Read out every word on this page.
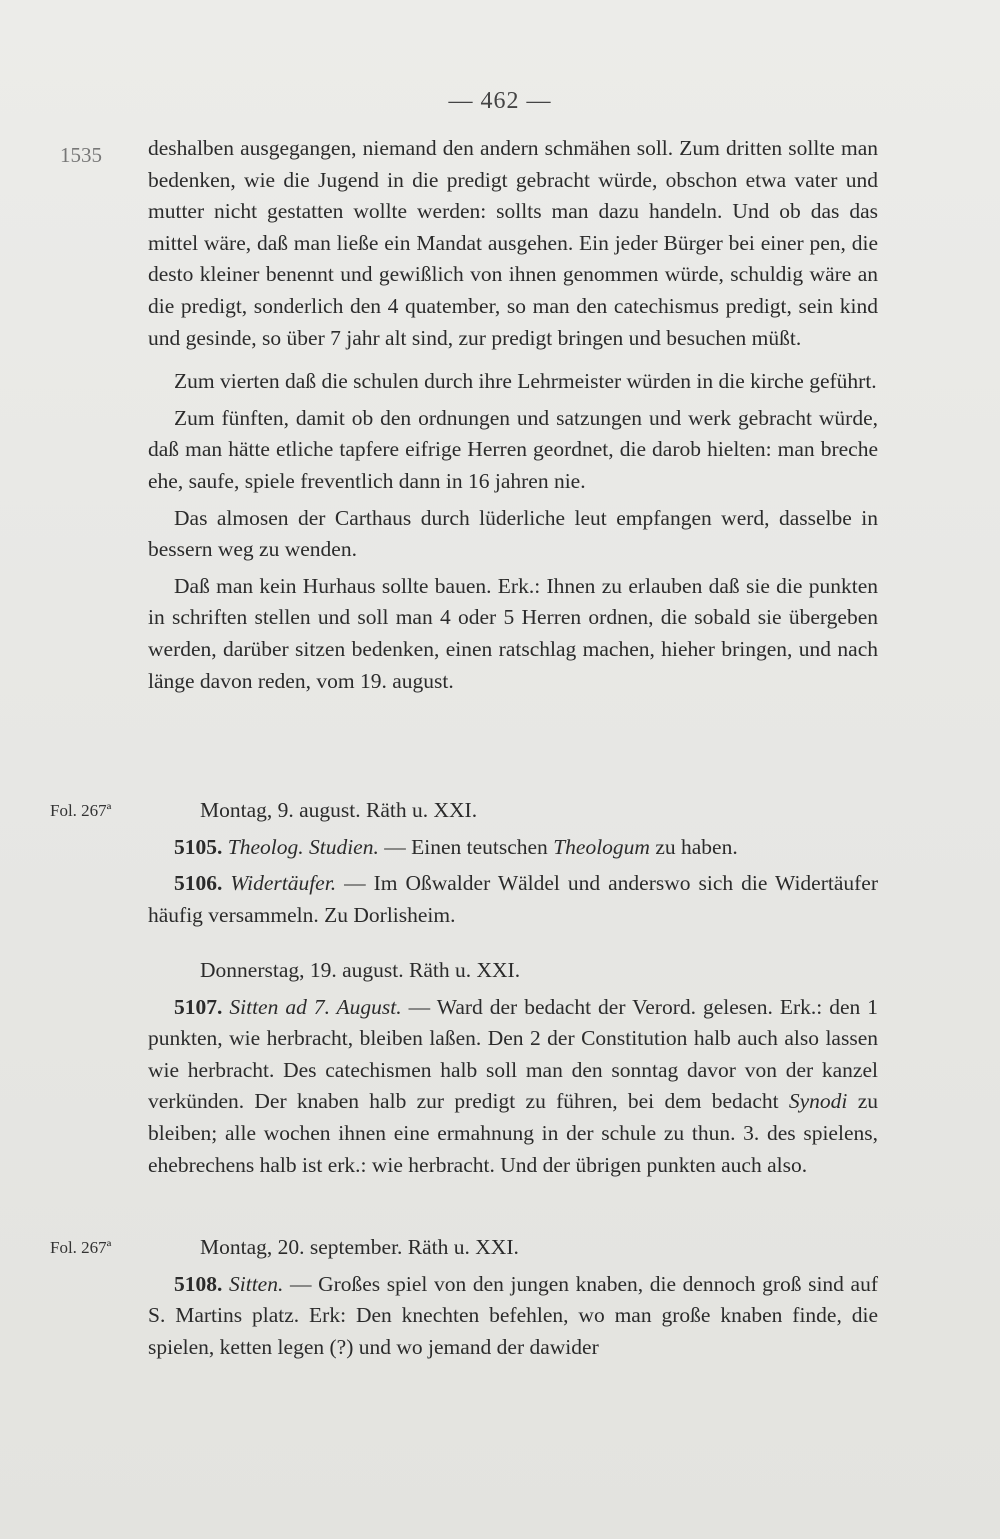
— 462 —
1535
Fol. 267ª
Fol. 267ª

deshalben ausgegangen, niemand den andern schmähen soll. Zum dritten sollte man bedenken, wie die Jugend in die predigt gebracht würde, obschon etwa vater und mutter nicht gestatten wollte werden: sollts man dazu handeln. Und ob das das mittel wäre, daß man ließe ein Mandat ausgehen. Ein jeder Bürger bei einer pen, die desto kleiner benennt und gewißlich von ihnen genommen würde, schuldig wäre an die predigt, sonderlich den 4 quatember, so man den catechismus predigt, sein kind und gesinde, so über 7 jahr alt sind, zur predigt bringen und besuchen müßt.

Zum vierten daß die schulen durch ihre Lehrmeister würden in die kirche geführt.

Zum fünften, damit ob den ordnungen und satzungen und werk gebracht würde, daß man hätte etliche tapfere eifrige Herren geordnet, die darob hielten: man breche ehe, saufe, spiele freventlich dann in 16 jahren nie.

Das almosen der Carthaus durch lüderliche leut empfangen werd, dasselbe in bessern weg zu wenden.

Daß man kein Hurhaus sollte bauen. Erk.: Ihnen zu erlauben daß sie die punkten in schriften stellen und soll man 4 oder 5 Herren ordnen, die sobald sie übergeben werden, darüber sitzen bedenken, einen ratschlag machen, hieher bringen, und nach länge davon reden, vom 19. august.

Montag, 9. august. Räth u. XXI.

5105. Theolog. Studien. — Einen teutschen Theologum zu haben.

5106. Widertäufer. — Im Oßwalder Wäldel und anderswo sich die Widertäufer häufig versammeln. Zu Dorlisheim.

Donnerstag, 19. august. Räth u. XXI.

5107. Sitten ad 7. August. — Ward der bedacht der Verord. gelesen. Erk.: den 1 punkten, wie herbracht, bleiben laßen. Den 2 der Constitution halb auch also lassen wie herbracht. Des catechismen halb soll man den sonntag davor von der kanzel verkünden. Der knaben halb zur predigt zu führen, bei dem bedacht Synodi zu bleiben; alle wochen ihnen eine ermahnung in der schule zu thun. 3. des spielens, ehebrechens halb ist erk.: wie herbracht. Und der übrigen punkten auch also.

Montag, 20. september. Räth u. XXI.

5108. Sitten. — Großes spiel von den jungen knaben, die dennoch groß sind auf S. Martins platz. Erk: Den knechten befehlen, wo man große knaben finde, die spielen, ketten legen (?) und wo jemand der dawider
